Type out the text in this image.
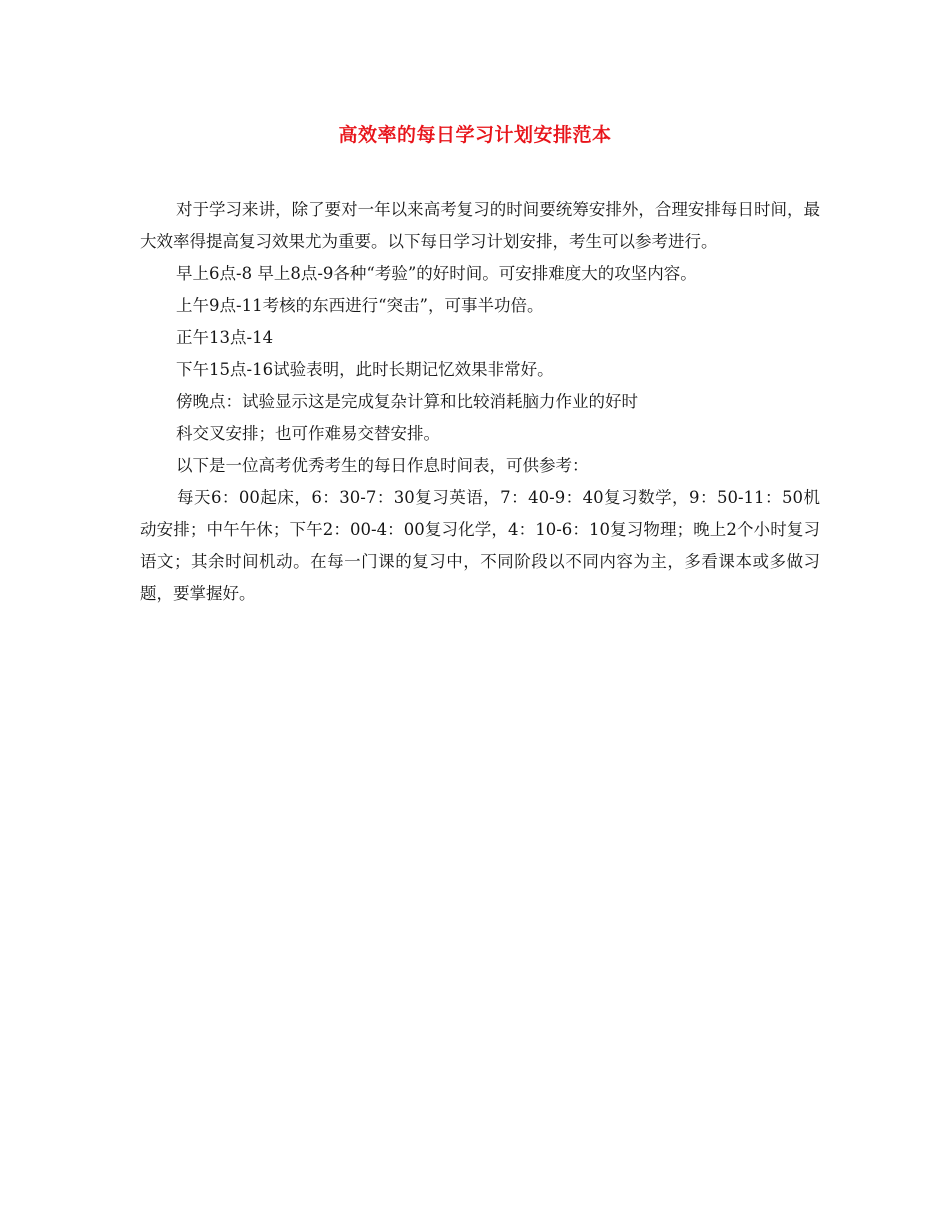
高效率的每日学习计划安排范本

对于学习来讲，除了要对一年以来高考复习的时间要统筹安排外，合理安排每日时间，最大效率得提高复习效果尤为重要。以下每日学习计划安排，考生可以参考进行。

早上6点-8 早上8点-9各种“考验”的好时间。可安排难度大的攻坚内容。

上午9点-11考核的东西进行“突击”，可事半功倍。

正午13点-14

下午15点-16试验表明，此时长期记忆效果非常好。

傍晚点：试验显示这是完成复杂计算和比较消耗脑力作业的好时

科交叉安排；也可作难易交替安排。

以下是一位高考优秀考生的每日作息时间表，可供参考：

每天6：00起床，6：30-7：30复习英语，7：40-9：40复习数学，9：50-11：50机动安排；中午午休；下午2：00-4：00复习化学，4：10-6：10复习物理；晚上2个小时复习语文；其余时间机动。在每一门课的复习中，不同阶段以不同内容为主，多看课本或多做习题，要掌握好。
